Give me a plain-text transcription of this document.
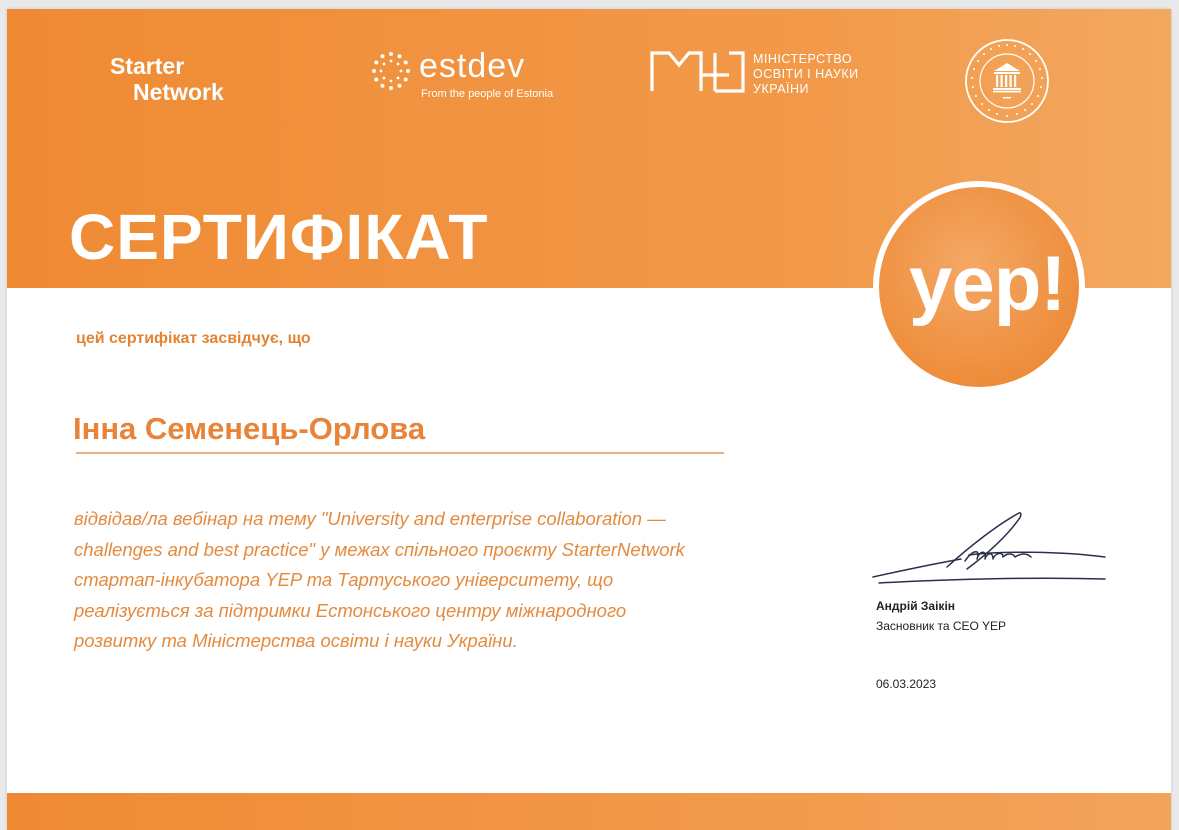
Starter
Network
estdev
From the people of Estonia
МІНІСТЕРСТВО
ОСВІТИ І НАУКИ
УКРАЇНИ
СЕРТИФІКАТ
yep!
цей сертифікат засвідчує, що
Інна Семенець-Орлова
відвідав/ла вебінар на тему "University and enterprise collaboration —
challenges and best practice" у межах спільного проєкту StarterNetwork
стартап-інкубатора YEP та Тартуського університету, що
реалізується за підтримки Естонського центру міжнародного
розвитку та Міністерства освіти і науки України.
Андрій Заікін
Засновник та CEO YEP
06.03.2023
